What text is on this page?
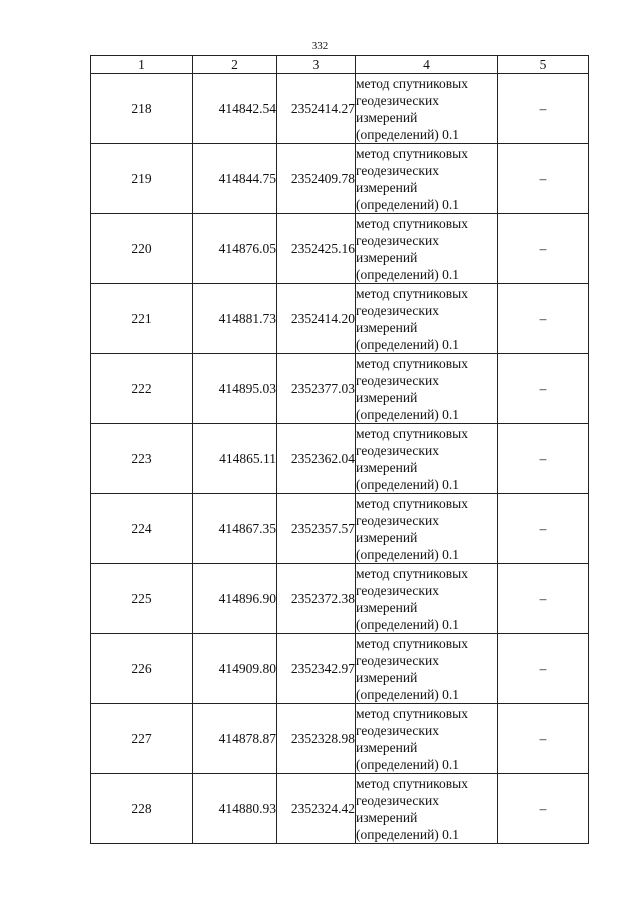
332
1	2	3	4	5
218	414842.54	2352414.27	метод спутниковых
геодезических
измерений
(определений) 0.1	–
219	414844.75	2352409.78	метод спутниковых
геодезических
измерений
(определений) 0.1	–
220	414876.05	2352425.16	метод спутниковых
геодезических
измерений
(определений) 0.1	–
221	414881.73	2352414.20	метод спутниковых
геодезических
измерений
(определений) 0.1	–
222	414895.03	2352377.03	метод спутниковых
геодезических
измерений
(определений) 0.1	–
223	414865.11	2352362.04	метод спутниковых
геодезических
измерений
(определений) 0.1	–
224	414867.35	2352357.57	метод спутниковых
геодезических
измерений
(определений) 0.1	–
225	414896.90	2352372.38	метод спутниковых
геодезических
измерений
(определений) 0.1	–
226	414909.80	2352342.97	метод спутниковых
геодезических
измерений
(определений) 0.1	–
227	414878.87	2352328.98	метод спутниковых
геодезических
измерений
(определений) 0.1	–
228	414880.93	2352324.42	метод спутниковых
геодезических
измерений
(определений) 0.1	–
